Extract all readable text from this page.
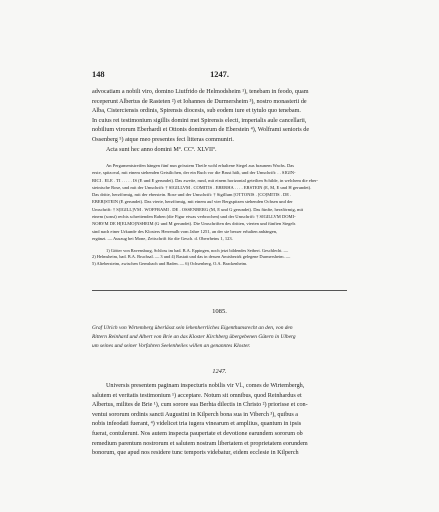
148	1247.
advocatiam a nobili viro, domino Liutfrido de Helmodsheim ¹), tenebam in feodo, quam
receperunt Albertus de Rasteten ²) et Iohannes de Durmersheim ³), nostro monasterii de
Alba, Cisterciensis ordinis, Spirensis diocesis, sub eodem iure et tytulo quo tenebam.
In cuius rei testimonium sigillis domini mei Spirensis electi, imperialis aule cancellarii,
nobilium virorum Eberhardi et Ottonis dominorum de Eberstein ⁴), Wolframi senioris de
Ossenberg ⁵) atque meo presentes feci litteras communiri.
Acta sunt hec anno domini Mº. CCº. XLVIIº.
An Pergamentstreifen hängen fünf nun grösstem Theile wohl erhaltene Siegel aus braunem Wachs. Das
erste, spitzoval, mit einem stehenden Geistlichen, der ein Buch vor die Brust hält, und der Umschrift: . . SIGIN-
RICI . ELE . TI . . . . . IS (E und E gerundet). Das zweite, rund, mit einem horizontal geteilten Schilde, in welchem die eber-
steinische Rose, und mit der Umschrift: † SIGILLVM . COMITIS . EBERHA . . . . ERSTEIN (E, M, E und H gerundet).
Das dritte, herzförmig, mit der eberstein. Rose und der Umschrift: † Sigillum [OTTONIS . [CO]MITIS . DE .
EBER]STEIN (E gerundet). Das vierte, herzförmig, mit einem auf vier Bergspitzen stehenden Ochsen und der
Umschrift: † S[IGILL]VM . WOFFRAMI . DE . OSSENBERG (M, E und G gerundet). Das fünfte, herzförmig, mit
einem (sonst) rechts schreitenden Raben (die Figur etwas verbrochen) und der Umschrift: † SIGILLVM DOMI-
NORVM DE H[ELMO]NSHEIM (G und M gerundet). Die Umschriften des dritten, vierten und fünften Siegels
sind nach einer Urkunde des Klosters Herrenalb vom Jahre 1251, an der sie besser erhalten anhängen,
ergänzt. — Auszug bei Mone, Zeitschrift für die Gesch. d. Oberrheins 1, 123.
1) Götter von Ravensburg, Schloss im bad. B.A. Eppingen, noch jetzt bildendes Seibert. Geschlecht. —
2) Helmsheim, bad. B.A. Bruchsal. — 3 und 4) Rastatt und das in dessen Amtsbezirk gelegene Durmersheim. —
5) Altebersteim, zwischen Gernsbach und Baden. — 6) Ochsenberg, O.A. Brackenheim.
1085.
Graf Ulrich von Wirtemberg überlässt sein lehenherrliches Eigenthumsrecht an den, von den
Rittern Reinhard und Albert von Brie an das Kloster Kirchberg übergebenen Gütern in Ulberg
um seines und seiner Vorfahren Seelenheiles willen an genanntes Kloster.
1247.
Universis presentem paginam inspecturis nobilis vir Vl., comes de Wirtembergh,
salutem et veritatis testimonium ¹) acceptare. Notum sit omnibus, quod Reinhardus et
Albertus, milites de Brie ¹), cum sorore sua Berhta dilectis in Christo ²) priorisse et con-
ventui sororum ordinis sancti Augustini in Kilperch bona sua in Viberch ³), quibus a
nobis infeodati fuerant, ⁴) videlicet tria iugera vinearum et ampliius, quantum in ipsis
fuerat, contulerunt. Nos autem inspecta paupertate et devotione earundem sororum ob
remedium parentum nostrorum et salutem nostram libertatem et proprietatem eorundem
bonorum, que apud nos residere tunc temporis videbatur, eidem ecclesie in Kilperch
